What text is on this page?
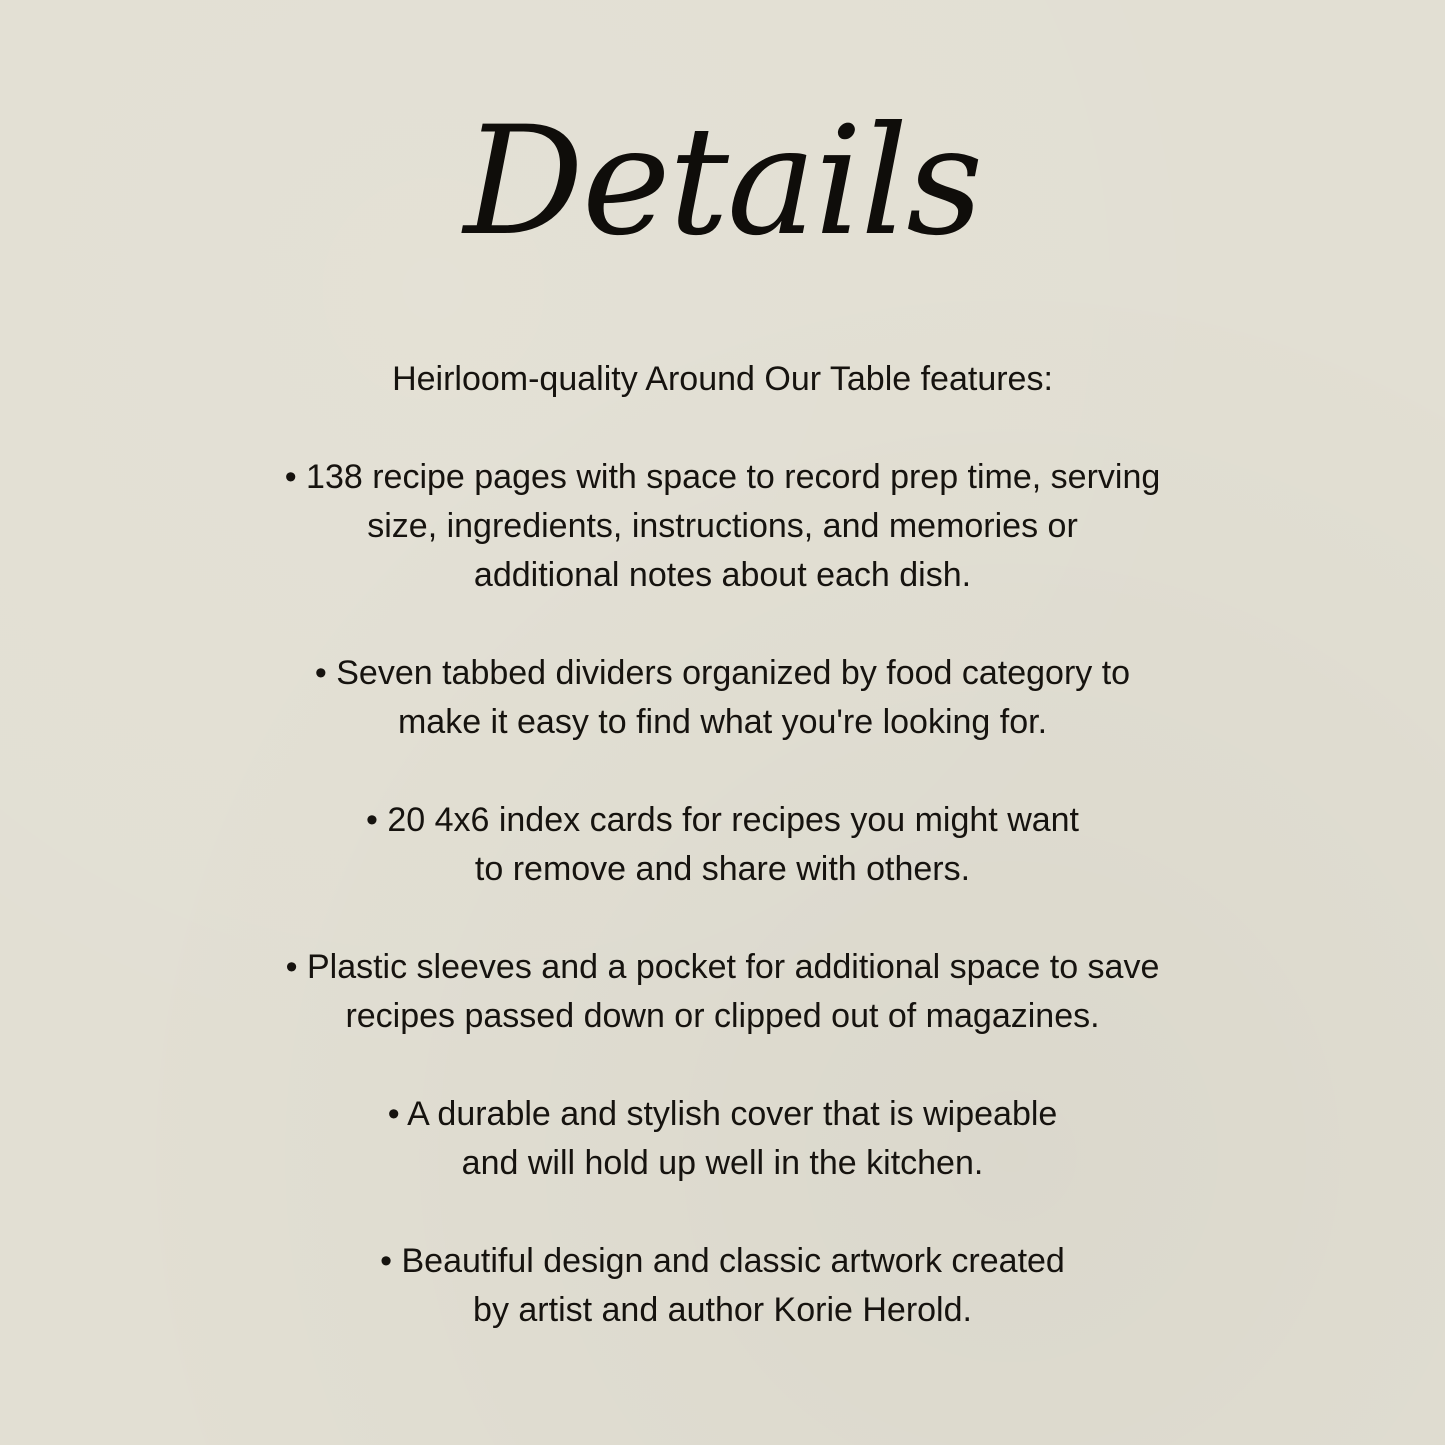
Details
Heirloom-quality Around Our Table features:
• 138 recipe pages with space to record prep time, serving
size, ingredients, instructions, and memories or
additional notes about each dish.
• Seven tabbed dividers organized by food category to
make it easy to find what you're looking for.
• 20 4x6 index cards for recipes you might want
to remove and share with others.
• Plastic sleeves and a pocket for additional space to save
recipes passed down or clipped out of magazines.
• A durable and stylish cover that is wipeable
and will hold up well in the kitchen.
• Beautiful design and classic artwork created
by artist and author Korie Herold.
